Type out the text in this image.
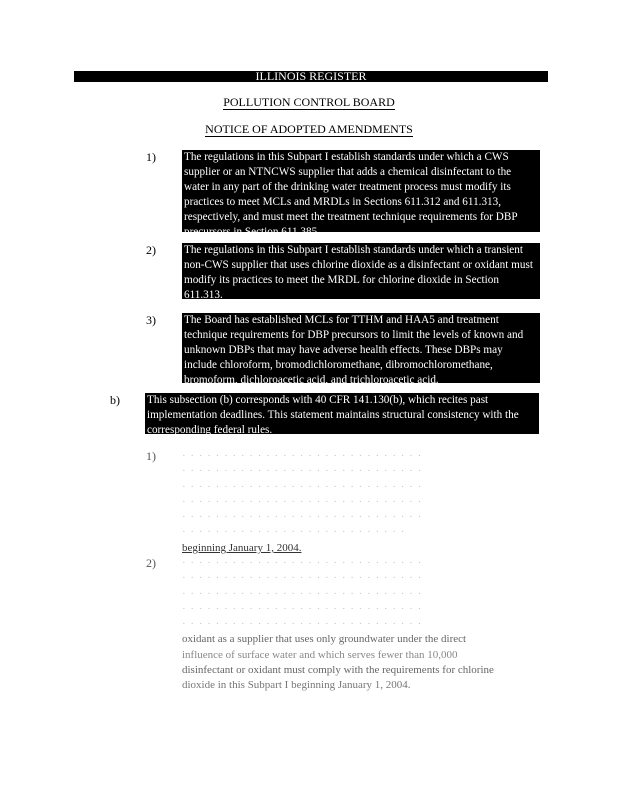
ILLINOIS REGISTER
POLLUTION CONTROL BOARD
NOTICE OF ADOPTED AMENDMENTS
1)	The regulations in this Subpart I establish standards under which a CWS supplier or an NTNCWS supplier that adds a chemical disinfectant to the water in any part of the drinking water treatment process must modify its practices to meet MCLs and MRDLs in Sections 611.312 and 611.313, respectively, and must meet the treatment technique requirements for DBP precursors in Section 611.385.

2)	The regulations in this Subpart I establish standards under which a transient non-CWS supplier that uses chlorine dioxide as a disinfectant or oxidant must modify its practices to meet the MRDL for chlorine dioxide in Section 611.313.

3)	The Board has established MCLs for TTHM and HAA5 and treatment technique requirements for DBP precursors to limit the levels of known and unknown DBPs that may have adverse health effects. These DBPs may include chloroform, bromodichloromethane, dibromochloromethane, bromoform, dichloroacetic acid, and trichloroacetic acid.

b) This subsection (b) corresponds with 40 CFR 141.130(b), which recites past implementation deadlines. This statement maintains structural consistency with the corresponding federal rules.

1) · · · · · · · · · · · · · · · · · · · · · · · · · · · · ·
· · · · · · · · · · · · · · · · · · · · · · · · · · · · ·
· · · · · · · · · · · · · · · · · · · · · · · · · · · · ·
· · · · · · · · · · · · · · · · · · · · · · · · · · · · ·
· · · · · · · · · · · · · · · · · · · · · · · · · · · · ·
· · · · · · · · · · · · · · · · · · · · · · · · · · ·
beginning January 1, 2004.
2) · · · · · · · · · · · · · · · · · · · · · · · · · · · · ·
· · · · · · · · · · · · · · · · · · · · · · · · · · · · ·
· · · · · · · · · · · · · · · · · · · · · · · · · · · · ·
· · · · · · · · · · · · · · · · · · · · · · · · · · · · ·
· · · · · · · · · · · · · · · · · · · · · · · · · · · · ·
oxidant as a supplier that uses only groundwater under the direct
influence of surface water and which serves fewer than 10,000
disinfectant or oxidant must comply with the requirements for chlorine
dioxide in this Subpart I beginning January 1, 2004.
